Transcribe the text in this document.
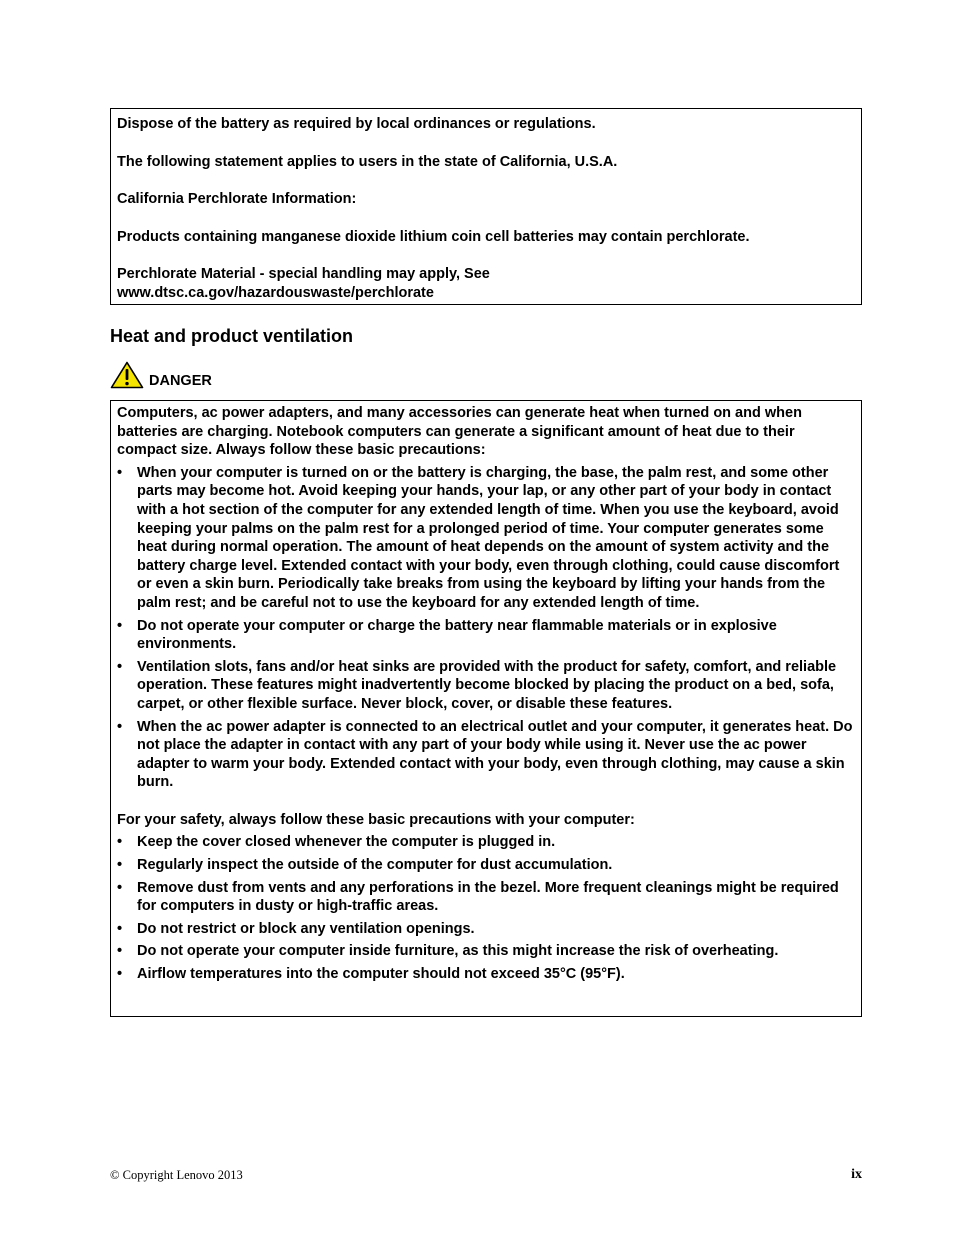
Dispose of the battery as required by local ordinances or regulations.

The following statement applies to users in the state of California, U.S.A.

California Perchlorate Information:

Products containing manganese dioxide lithium coin cell batteries may contain perchlorate.

Perchlorate Material - special handling may apply, See
www.dtsc.ca.gov/hazardouswaste/perchlorate

Heat and product ventilation
DANGER

Computers, ac power adapters, and many accessories can generate heat when turned on and when batteries are charging. Notebook computers can generate a significant amount of heat due to their compact size. Always follow these basic precautions:

• When your computer is turned on or the battery is charging, the base, the palm rest, and some other parts may become hot. Avoid keeping your hands, your lap, or any other part of your body in contact with a hot section of the computer for any extended length of time. When you use the keyboard, avoid keeping your palms on the palm rest for a prolonged period of time. Your computer generates some heat during normal operation. The amount of heat depends on the amount of system activity and the battery charge level. Extended contact with your body, even through clothing, could cause discomfort or even a skin burn. Periodically take breaks from using the keyboard by lifting your hands from the palm rest; and be careful not to use the keyboard for any extended length of time.
• Do not operate your computer or charge the battery near flammable materials or in explosive environments.
• Ventilation slots, fans and/or heat sinks are provided with the product for safety, comfort, and reliable operation. These features might inadvertently become blocked by placing the product on a bed, sofa, carpet, or other flexible surface. Never block, cover, or disable these features.
• When the ac power adapter is connected to an electrical outlet and your computer, it generates heat. Do not place the adapter in contact with any part of your body while using it. Never use the ac power adapter to warm your body. Extended contact with your body, even through clothing, may cause a skin burn.

For your safety, always follow these basic precautions with your computer:

• Keep the cover closed whenever the computer is plugged in.
• Regularly inspect the outside of the computer for dust accumulation.
• Remove dust from vents and any perforations in the bezel. More frequent cleanings might be required for computers in dusty or high-traffic areas.
• Do not restrict or block any ventilation openings.
• Do not operate your computer inside furniture, as this might increase the risk of overheating.
• Airflow temperatures into the computer should not exceed 35°C (95°F).
© Copyright Lenovo 2013	ix
